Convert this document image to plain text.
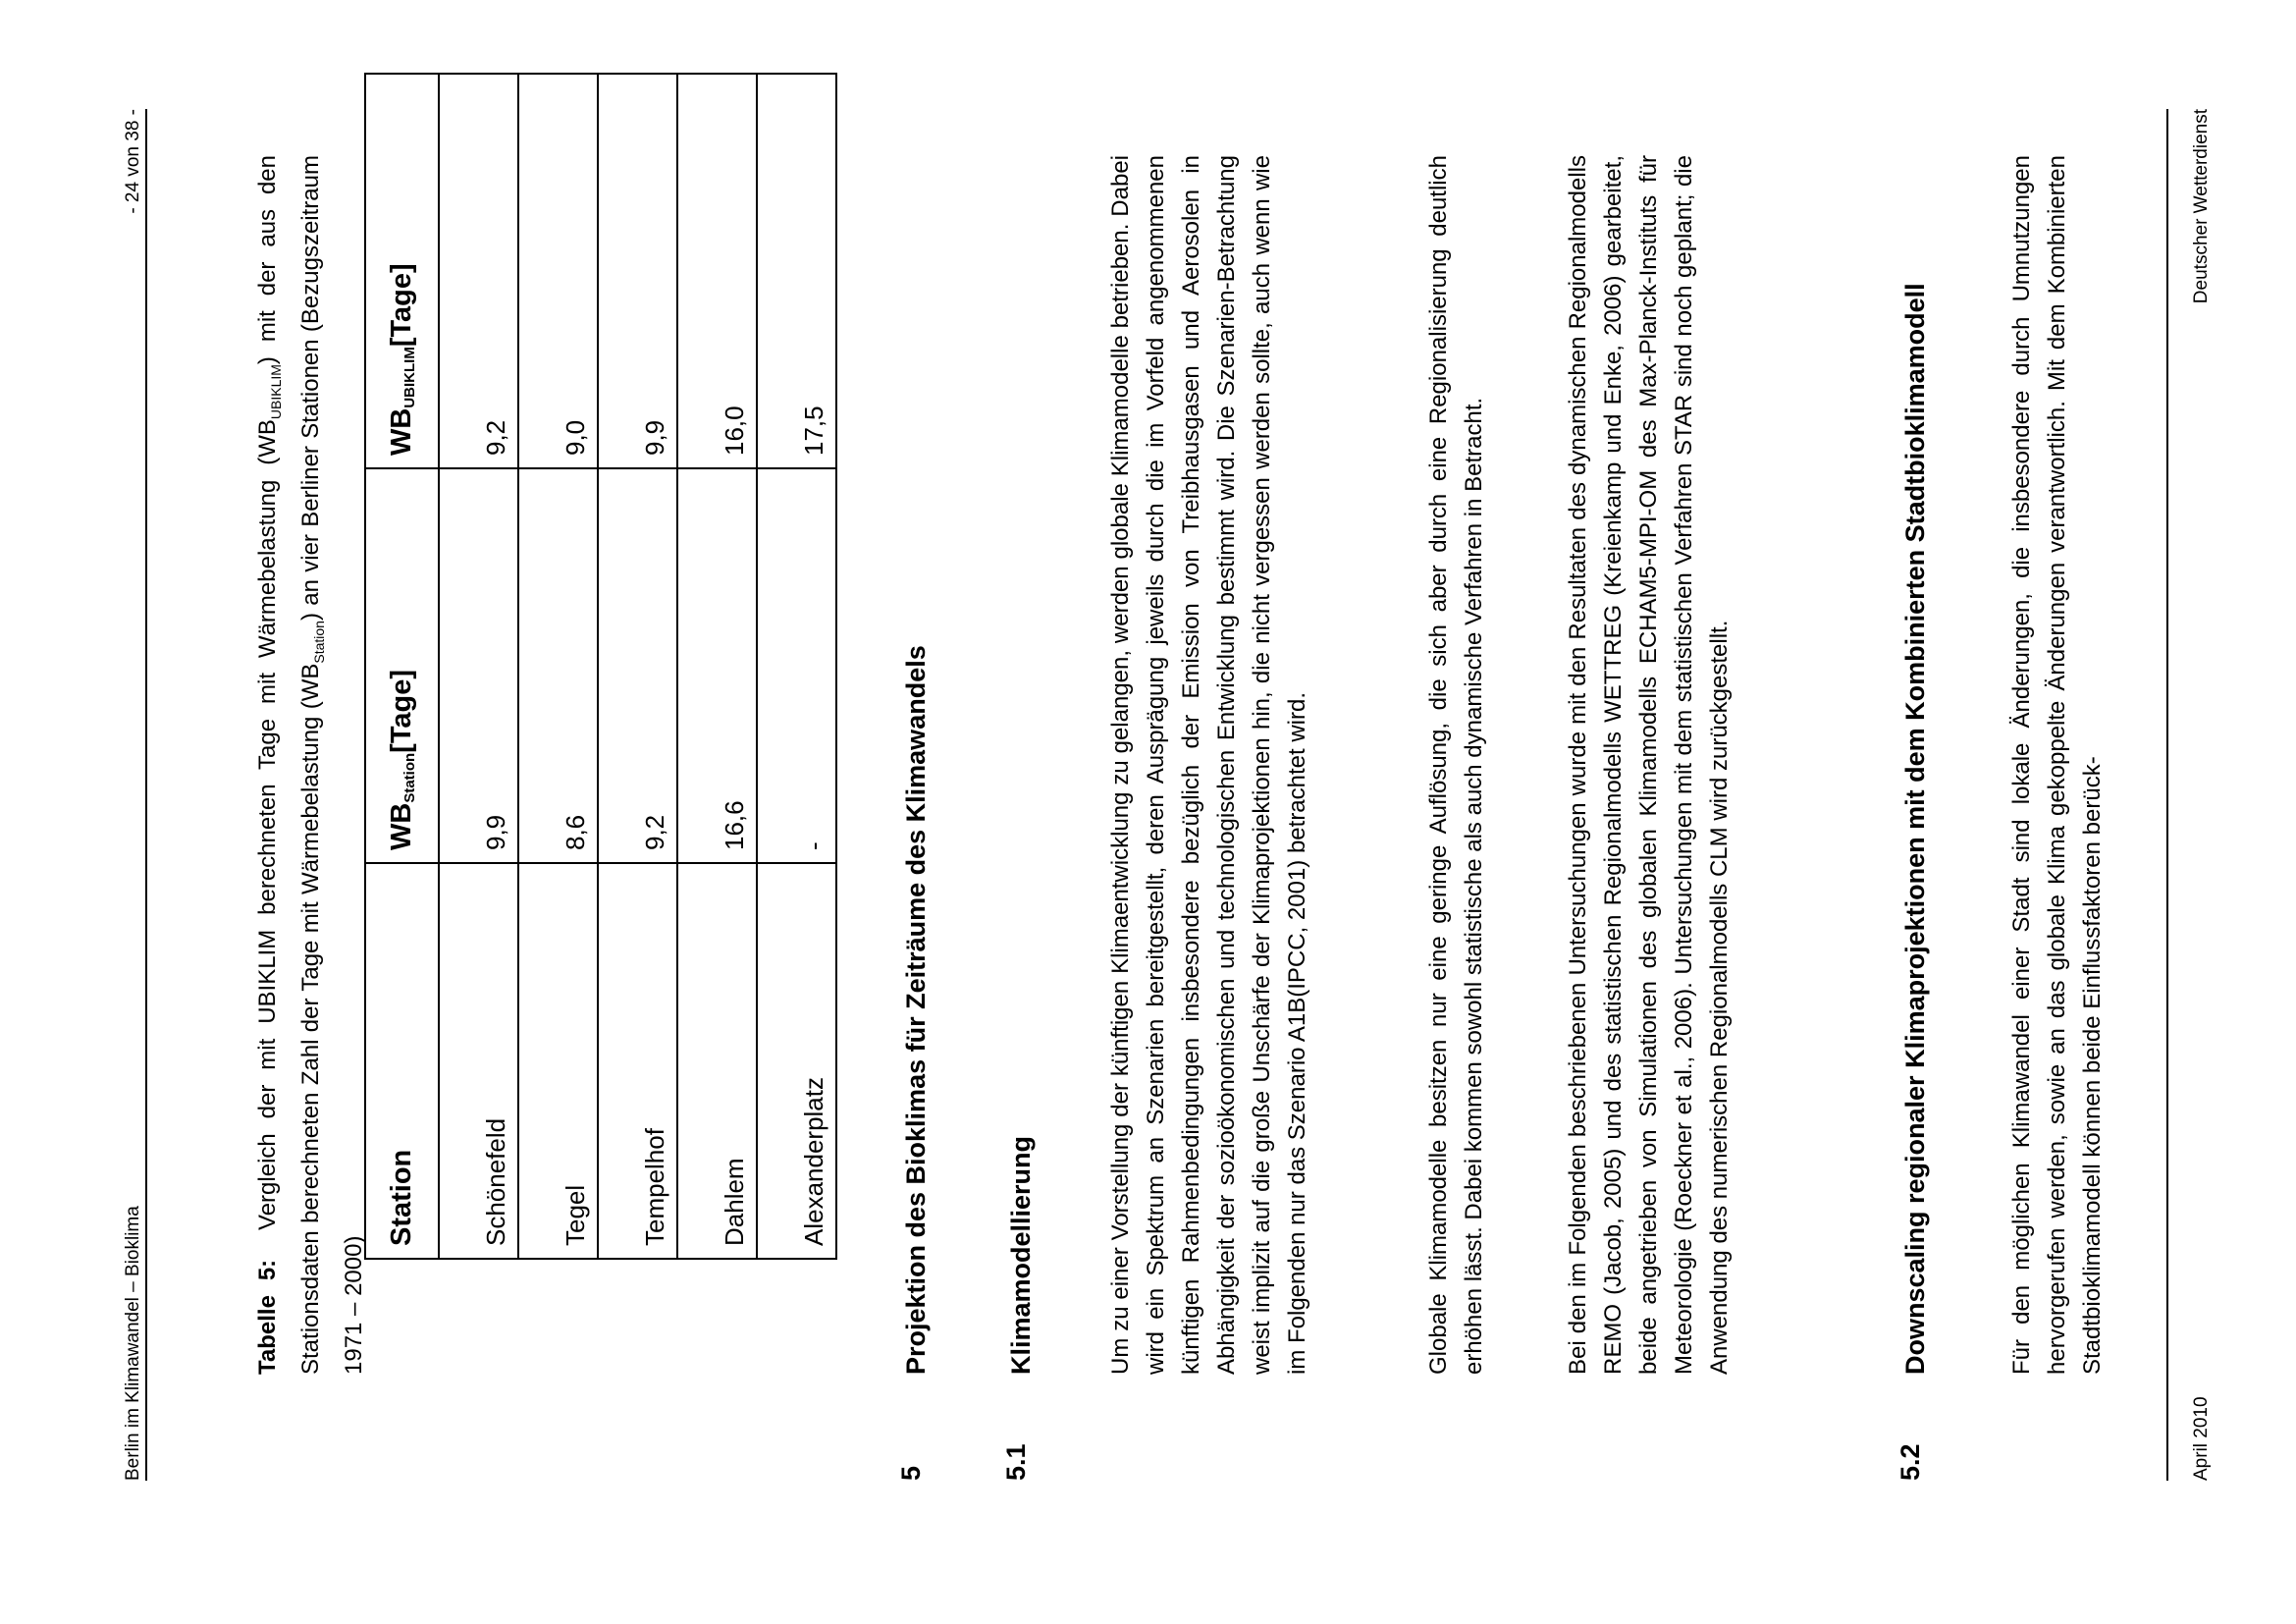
Berlin im Klimawandel – Bioklima
- 24 von 38 -
Tabelle 5:  Vergleich der mit UBIKLIM berechneten Tage mit Wärmebelastung $(WB_{UBIKLIM})$ mit der aus den Stationsdaten berechneten Zahl der Tage mit Wärmebelastung $(WB_{Station})$ an vier Berliner Stationen (Bezugszeitraum 1971 – 2000)
Station	$WB_{Station}[Tage]$	$WB_{UBIKLIM}[Tage]$
Schönefeld	9,9	9,2
Tegel	8,6	9,0
Tempelhof	9,2	9,9
Dahlem	16,6	16,0
Alexanderplatz	-	17,5
5
Projektion des Bioklimas für Zeiträume des Klimawandels
5.1
Klimamodellierung	Um zu einer Vorstellung der künftigen Klimaentwicklung zu gelangen, werden globale Klimamodelle betrieben. Dabei wird ein Spektrum an Szenarien bereitgestellt, deren Ausprägung jeweils durch die im Vorfeld angenommenen künftigen Rahmenbedingungen insbesondere bezüglich der Emission von Treibhausgasen und Aerosolen in Abhängigkeit der sozioökonomischen und technologischen Entwicklung bestimmt wird. Die Szenarien-Betrachtung weist implizit auf die große Unschärfe der Klimaprojektionen hin, die nicht vergessen werden sollte, auch wenn wie im Folgenden nur das Szenario A1B(IPCC, 2001) betrachtet wird.	Globale Klimamodelle besitzen nur eine geringe Auflösung, die sich aber durch eine Regionalisierung deutlich erhöhen lässt. Dabei kommen sowohl statistische als auch dynamische Verfahren in Betracht.	Bei den im Folgenden beschriebenen Untersuchungen wurde mit den Resultaten des dynamischen Regionalmodells REMO (Jacob, 2005) und des statistischen Regionalmodells WETTREG (Kreienkamp und Enke, 2006) gearbeitet, beide angetrieben von Simulationen des globalen Klimamodells ECHAM5-MPI-OM des Max-Planck-Instituts für Meteorologie (Roeckner et al., 2006). Untersuchungen mit dem statistischen Verfahren STAR sind noch geplant; die Anwendung des numerischen Regionalmodells CLM wird zurückgestellt.
5.2
Downscaling regionaler Klimaprojektionen mit dem Kombinierten Stadtbioklimamodell	Für den möglichen Klimawandel einer Stadt sind lokale Änderungen, die insbesondere durch Umnutzungen hervorgerufen werden, sowie an das globale Klima gekoppelte Änderungen verantwortlich. Mit dem Kombinierten Stadtbioklimamodell können beide Einflussfaktoren berück-
April 2010
Deutscher Wetterdienst
